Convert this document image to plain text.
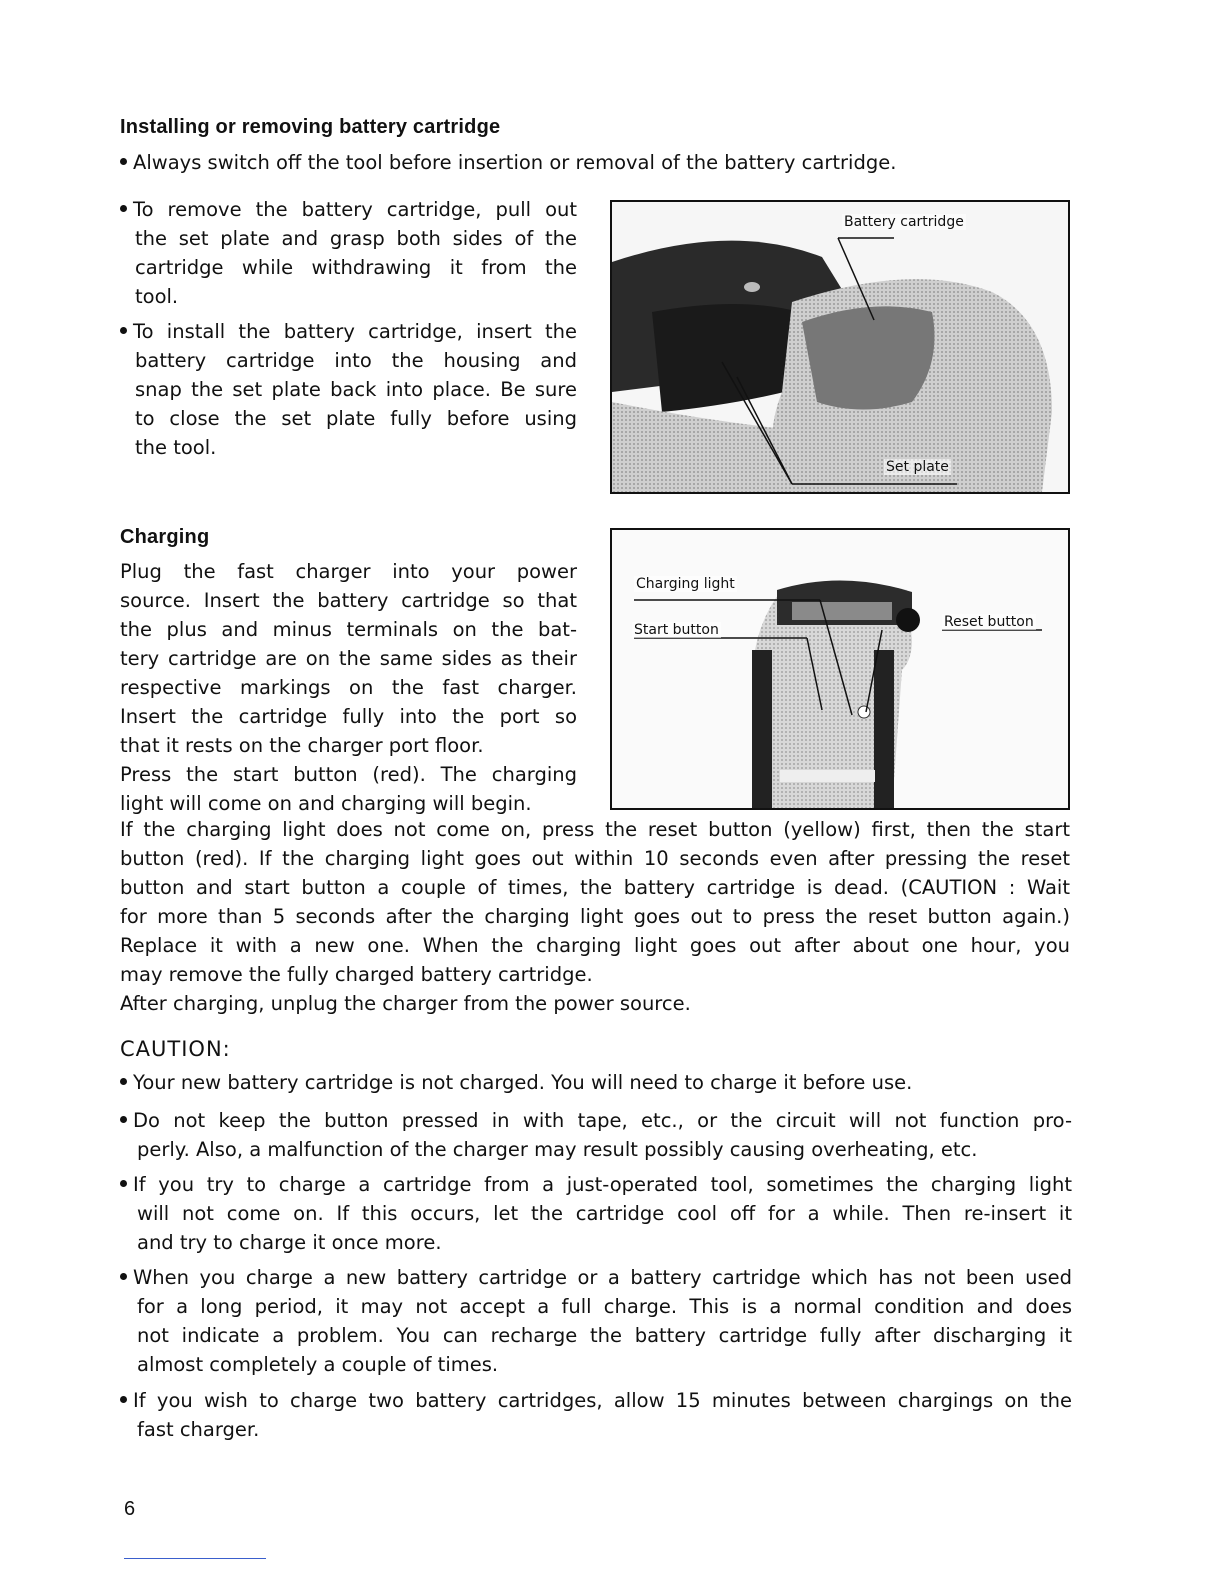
Installing or removing battery cartridge
Always switch off the tool before insertion or removal of the battery cartridge.
To remove the battery cartridge, pull out
the set plate and grasp both sides of the
cartridge while withdrawing it from the
tool.
To install the battery cartridge, insert the
battery cartridge into the housing and
snap the set plate back into place. Be sure
to close the set plate fully before using
the tool.
Battery cartridge
Set plate
Charging
Plug the fast charger into your power
source. Insert the battery cartridge so that
the plus and minus terminals on the bat-
tery cartridge are on the same sides as their
respective markings on the fast charger.
Insert the cartridge fully into the port so
that it rests on the charger port floor.
Press the start button (red). The charging
light will come on and charging will begin.
Charging light
Start button	Reset button
If the charging light does not come on, press the reset button (yellow) first, then the start
button (red). If the charging light goes out within 10 seconds even after pressing the reset
button and start button a couple of times, the battery cartridge is dead. (CAUTION : Wait
for more than 5 seconds after the charging light goes out to press the reset button again.)
Replace it with a new one. When the charging light goes out after about one hour, you
may remove the fully charged battery cartridge.
After charging, unplug the charger from the power source.
CAUTION:
Your new battery cartridge is not charged. You will need to charge it before use.
Do not keep the button pressed in with tape, etc., or the circuit will not function pro-
perly. Also, a malfunction of the charger may result possibly causing overheating, etc.
If you try to charge a cartridge from a just-operated tool, sometimes the charging light
will not come on. If this occurs, let the cartridge cool off for a while. Then re-insert it
and try to charge it once more.
When you charge a new battery cartridge or a battery cartridge which has not been used
for a long period, it may not accept a full charge. This is a normal condition and does
not indicate a problem. You can recharge the battery cartridge fully after discharging it
almost completely a couple of times.
If you wish to charge two battery cartridges, allow 15 minutes between chargings on the
fast charger.
6
